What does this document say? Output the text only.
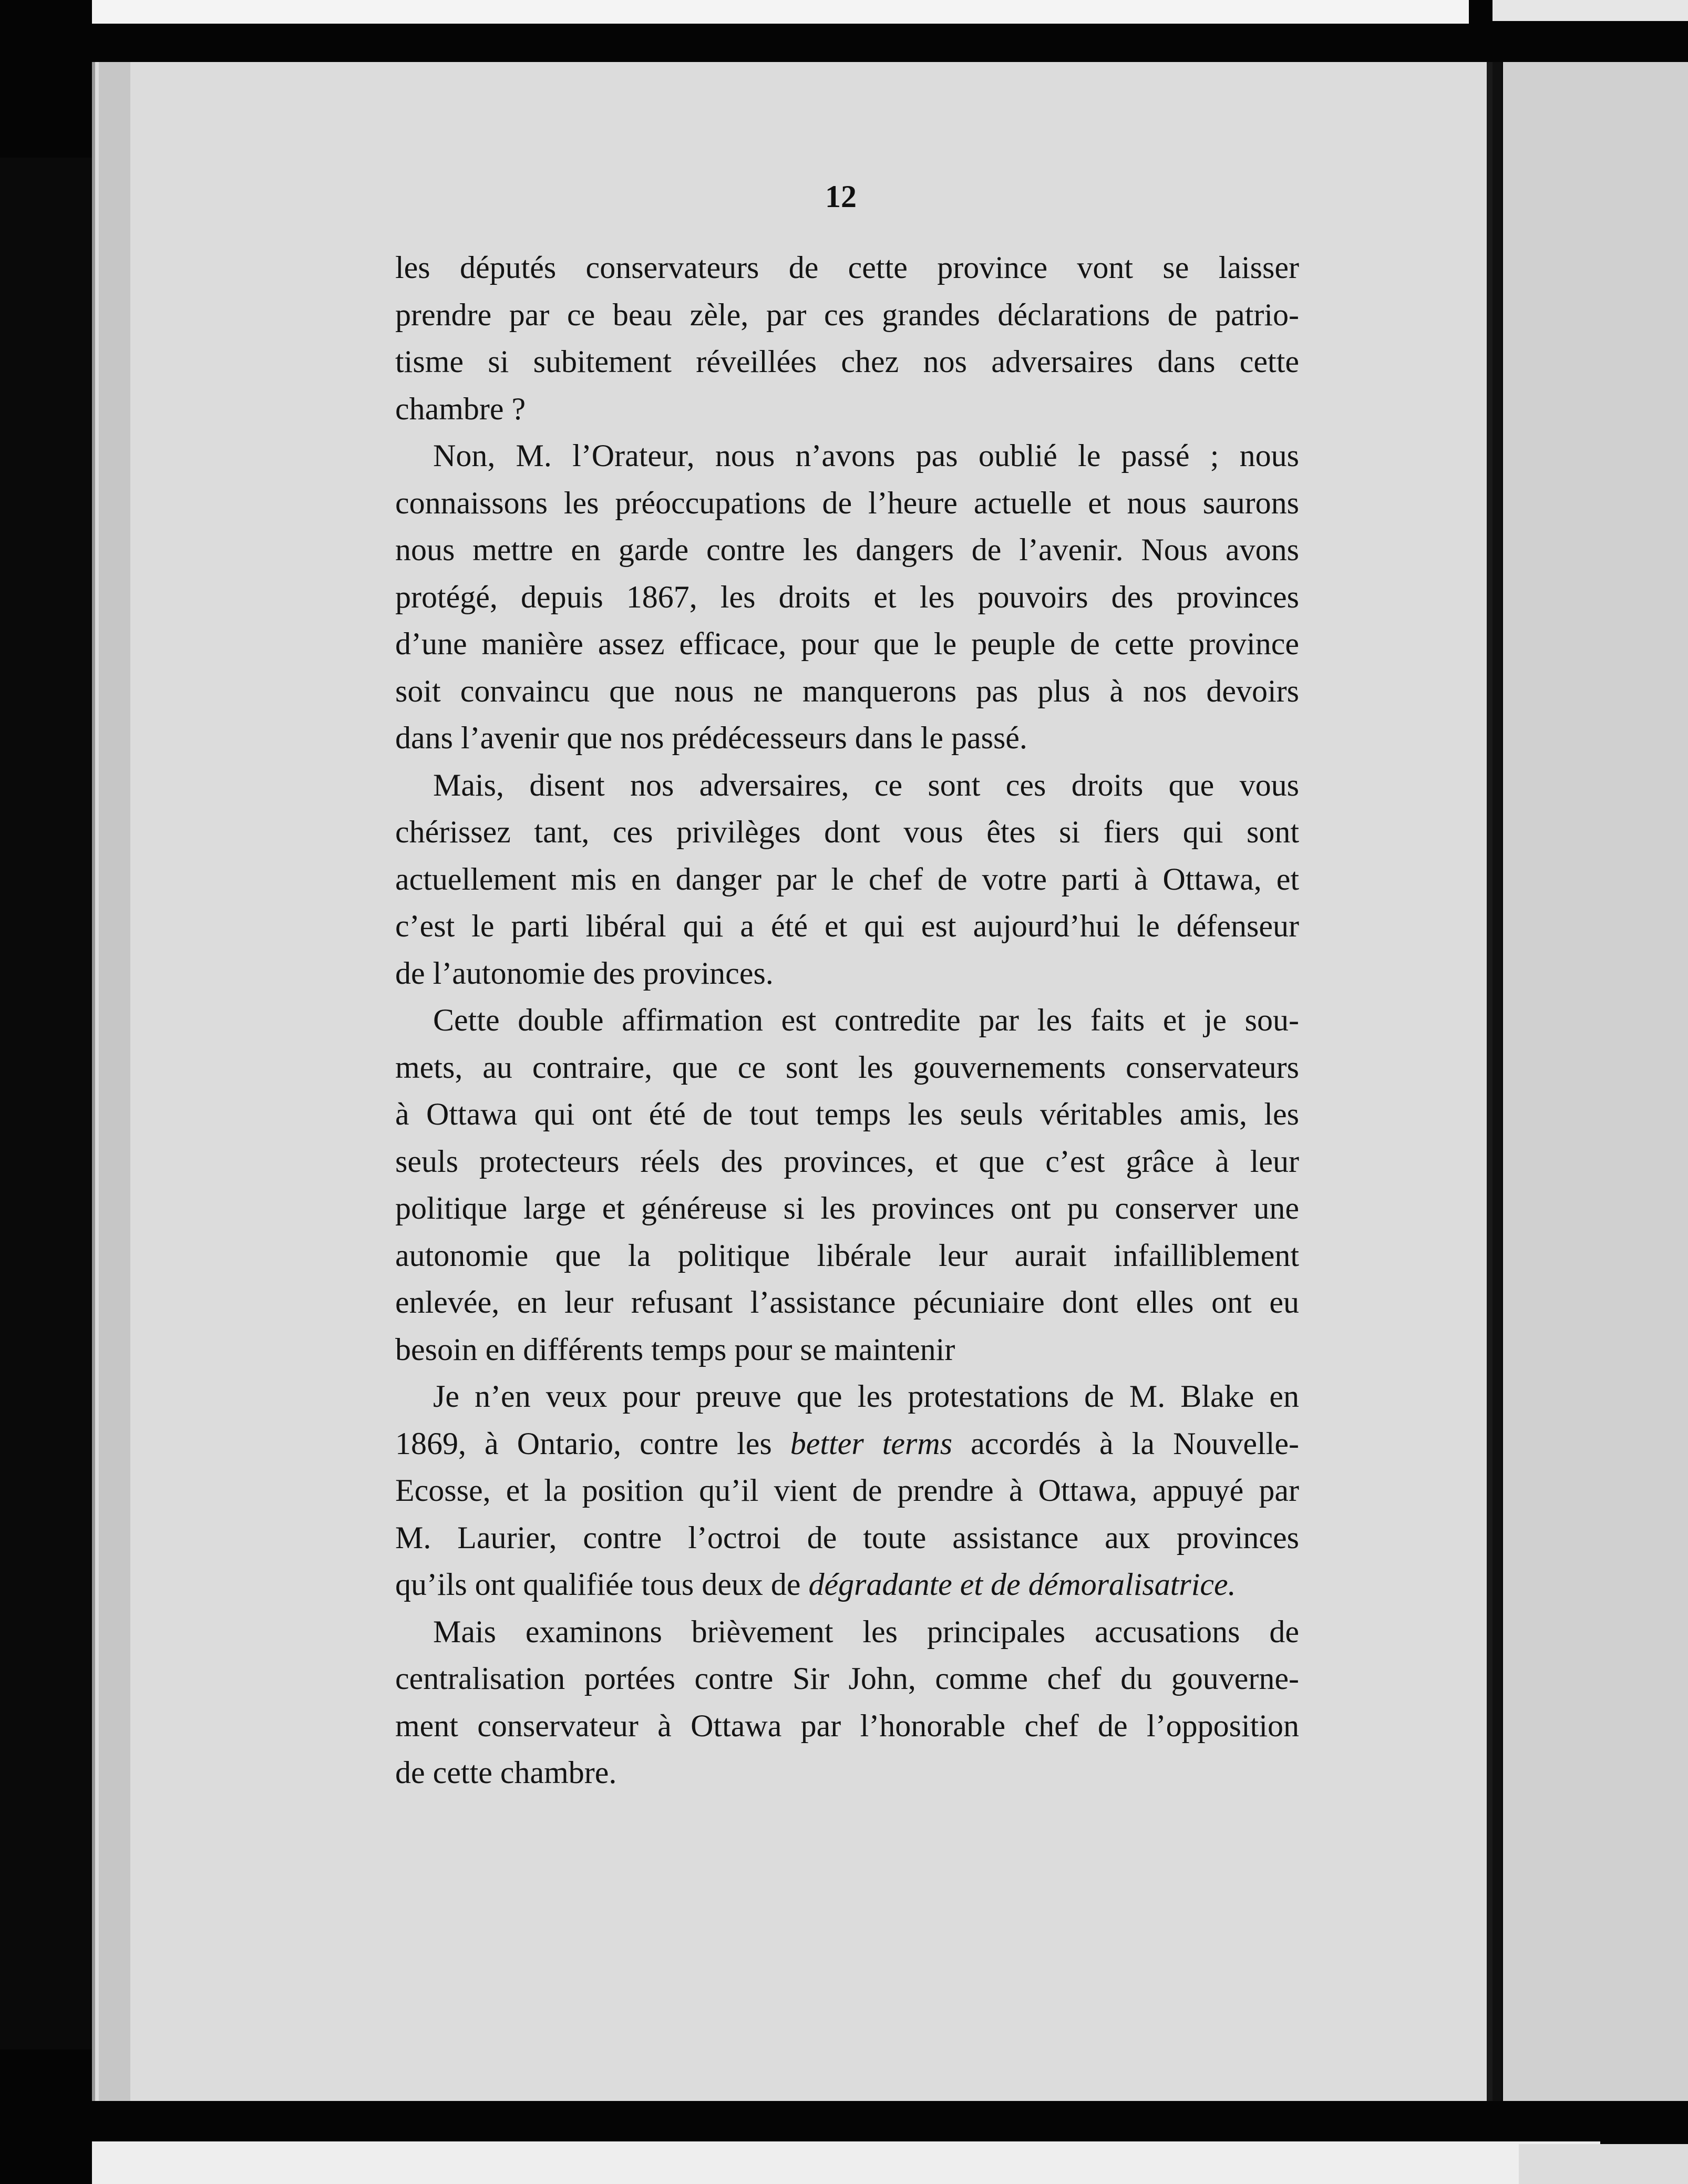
12
les députés conservateurs de cette province vont se laisser
prendre par ce beau zèle, par ces grandes déclarations de patrio-
tisme si subitement réveillées chez nos adversaires dans cette
chambre ?
Non, M. l’Orateur, nous n’avons pas oublié le passé ; nous
connaissons les préoccupations de l’heure actuelle et nous saurons
nous mettre en garde contre les dangers de l’avenir. Nous avons
protégé, depuis 1867, les droits et les pouvoirs des provinces
d’une manière assez efficace, pour que le peuple de cette province
soit convaincu que nous ne manquerons pas plus à nos devoirs
dans l’avenir que nos prédécesseurs dans le passé.
Mais, disent nos adversaires, ce sont ces droits que vous
chérissez tant, ces privilèges dont vous êtes si fiers qui sont
actuellement mis en danger par le chef de votre parti à Ottawa, et
c’est le parti libéral qui a été et qui est aujourd’hui le défenseur
de l’autonomie des provinces.
Cette double affirmation est contredite par les faits et je sou-
mets, au contraire, que ce sont les gouvernements conservateurs
à Ottawa qui ont été de tout temps les seuls véritables amis, les
seuls protecteurs réels des provinces, et que c’est grâce à leur
politique large et généreuse si les provinces ont pu conserver une
autonomie que la politique libérale leur aurait infailliblement
enlevée, en leur refusant l’assistance pécuniaire dont elles ont eu
besoin en différents temps pour se maintenir
Je n’en veux pour preuve que les protestations de M. Blake en
1869, à Ontario, contre les better terms accordés à la Nouvelle-
Ecosse, et la position qu’il vient de prendre à Ottawa, appuyé par
M. Laurier, contre l’octroi de toute assistance aux provinces
qu’ils ont qualifiée tous deux de dégradante et de démoralisatrice.
Mais examinons brièvement les principales accusations de
centralisation portées contre Sir John, comme chef du gouverne-
ment conservateur à Ottawa par l’honorable chef de l’opposition
de cette chambre.
